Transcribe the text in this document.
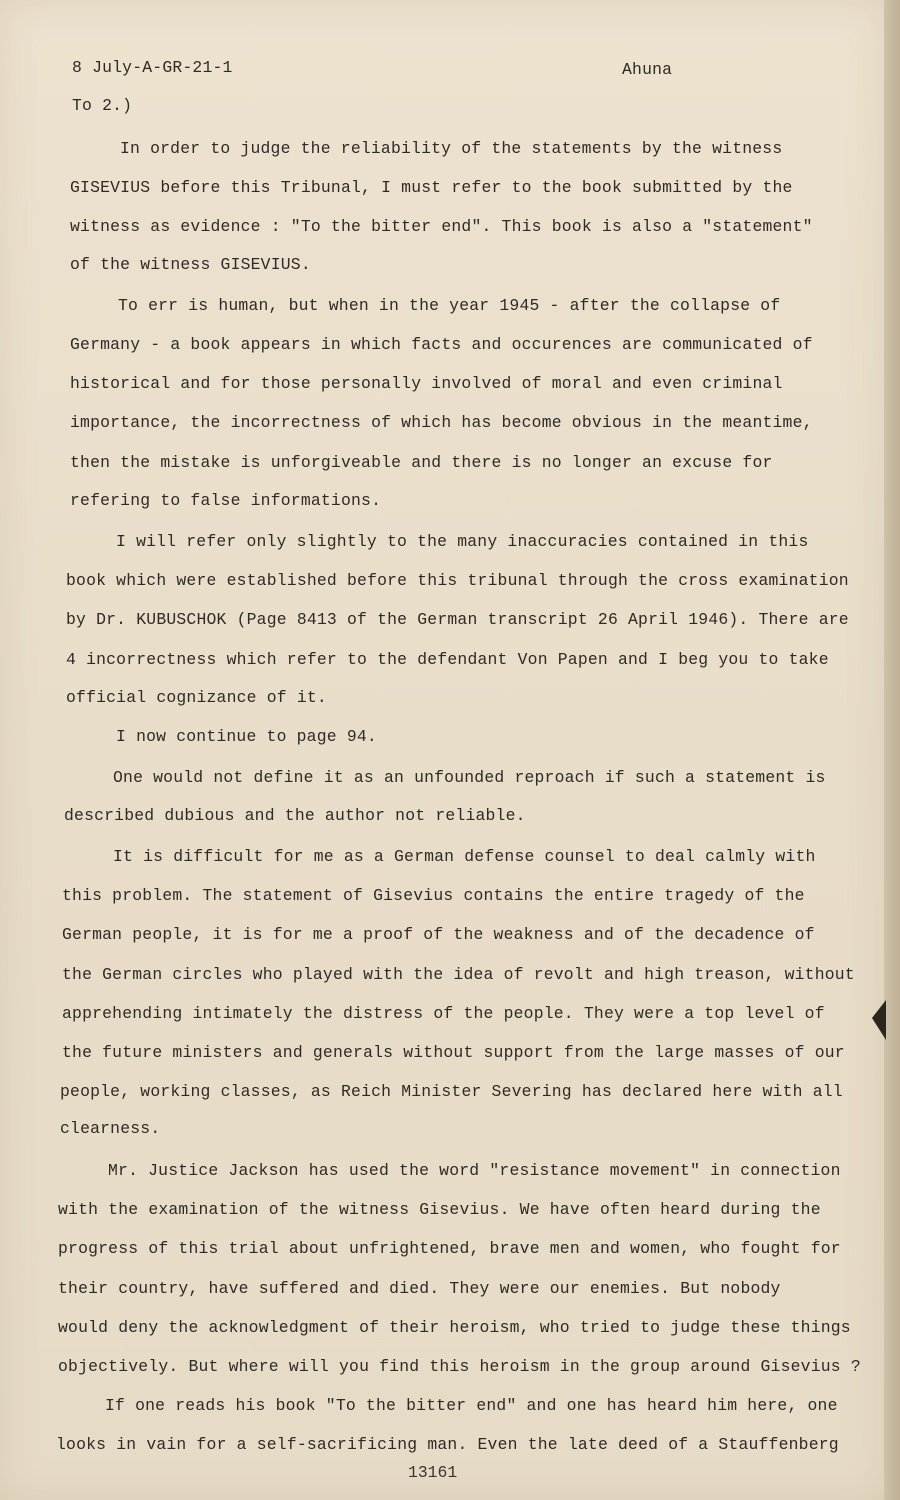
8 July-A-GR-21-1	Ahuna
To 2.)
In order to judge the reliability of the statements by the witness
GISEVIUS before this Tribunal, I must refer to the book submitted by the
witness as evidence : "To the bitter end". This book is also a "statement"
of the witness GISEVIUS.
To err is human, but when in the year 1945 - after the collapse of
Germany - a book appears in which facts and occurences are communicated of
historical and for those personally involved of moral and even criminal
importance, the incorrectness of which has become obvious in the meantime,
then the mistake is unforgiveable and there is no longer an excuse for
refering to false informations.
I will refer only slightly to the many inaccuracies contained in this
book which were established before this tribunal through the cross examination
by Dr. KUBUSCHOK (Page 8413 of the German transcript 26 April 1946). There are
4 incorrectness which refer to the defendant Von Papen and I beg you to take
official cognizance of it.
I now continue to page 94.
One would not define it as an unfounded reproach if such a statement is
described dubious and the author not reliable.
It is difficult for me as a German defense counsel to deal calmly with
this problem. The statement of Gisevius contains the entire tragedy of the
German people, it is for me a proof of the weakness and of the decadence of
the German circles who played with the idea of revolt and high treason, without
apprehending intimately the distress of the people. They were a top level of
the future ministers and generals without support from the large masses of our
people, working classes, as Reich Minister Severing has declared here with all
clearness.
Mr. Justice Jackson has used the word "resistance movement" in connection
with the examination of the witness Gisevius. We have often heard during the
progress of this trial about unfrightened, brave men and women, who fought for
their country, have suffered and died. They were our enemies. But nobody
would deny the acknowledgment of their heroism, who tried to judge these things
objectively. But where will you find this heroism in the group around Gisevius ?
If one reads his book "To the bitter end" and one has heard him here, one
looks in vain for a self-sacrificing man. Even the late deed of a Stauffenberg
13161
